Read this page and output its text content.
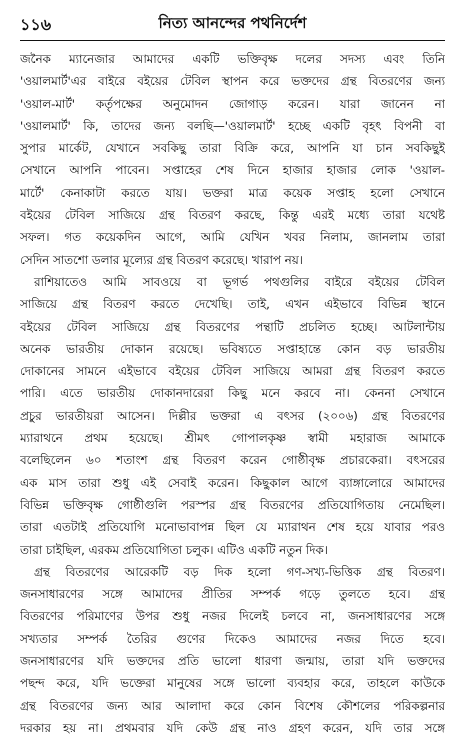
১১৬	নিত্য আনন্দের পথনির্দেশ
জনৈক ম্যানেজার আমাদের একটি ভক্তিবৃক্ষ দলের সদস্য এবং তিনি
'ওয়ালমার্ট'এর বাইরে বইয়ের টেবিল স্থাপন করে ভক্তদের গ্রন্থ বিতরণের জন্য
'ওয়াল-মার্ট' কর্তৃপক্ষের অনুমোদন জোগাড় করেন। যারা জানেন না
'ওয়ালমার্ট' কি, তাদের জন্য বলছি—'ওয়ালমার্ট' হচ্ছে একটি বৃহৎ বিপনী বা
সুপার মার্কেট, যেখানে সবকিছু তারা বিক্রি করে, আপনি যা চান সবকিছুই
সেখানে আপনি পাবেন। সপ্তাহের শেষ দিনে হাজার হাজার লোক 'ওয়াল-
মার্টে' কেনাকাটা করতে যায়। ভক্তরা মাত্র কয়েক সপ্তাহ হলো সেখানে
বইয়ের টেবিল সাজিয়ে গ্রন্থ বিতরণ করছে, কিন্তু এরই মধ্যে তারা যথেষ্ট
সফল। গত কয়েকদিন আগে, আমি যেখিন খবর নিলাম, জানলাম তারা
সেদিন সাতশো ডলার মূল্যের গ্রন্থ বিতরণ করেছে। খারাপ নয়।
রাশিয়াতেও আমি সাবওয়ে বা ভূগর্ভ পথগুলির বাইরে বইয়ের টেবিল
সাজিয়ে গ্রন্থ বিতরণ করতে দেখেছি। তাই, এখন এইভাবে বিভিন্ন স্থানে
বইয়ের টেবিল সাজিয়ে গ্রন্থ বিতরণের পন্থাটি প্রচলিত হচ্ছে। আটলান্টায়
অনেক ভারতীয় দোকান রয়েছে। ভবিষ্যতে সপ্তাহান্তে কোন বড় ভারতীয়
দোকানের সামনে এইভাবে বইয়ের টেবিল সাজিয়ে আমরা গ্রন্থ বিতরণ করতে
পারি। এতে ভারতীয় দোকানদারেরা কিছু মনে করবে না। কেননা সেখানে
প্রচুর ভারতীয়রা আসেন। দিল্লীর ভক্তরা এ বৎসর (২০০৬) গ্রন্থ বিতরণের
ম্যারাথনে প্রথম হয়েছে। শ্রীমৎ গোপালকৃষ্ণ স্বামী মহারাজ আমাকে
বলেছিলেন ৬০ শতাংশ গ্রন্থ বিতরণ করেন গোষ্ঠীবৃক্ষ প্রচারকেরা। বৎসরের
এক মাস তারা শুধু এই সেবাই করেন। কিছুকাল আগে ব্যাঙ্গালোরে আমাদের
বিভিন্ন ভক্তিবৃক্ষ গোষ্ঠীগুলি পরস্পর গ্রন্থ বিতরণের প্রতিযোগিতায় নেমেছিল।
তারা এতটাই প্রতিযোগি মনোভাবাপন্ন ছিল যে ম্যারাথন শেষ হয়ে যাবার পরও
তারা চাইছিল, এরকম প্রতিযোগিতা চলুক। এটিও একটি নতুন দিক।
গ্রন্থ বিতরণের আরেকটি বড় দিক হলো গণ-সখ্য-ভিত্তিক গ্রন্থ বিতরণ।
জনসাধারণের সঙ্গে আমাদের প্রীতির সম্পর্ক গড়ে তুলতে হবে। গ্রন্থ
বিতরণের পরিমাণের উপর শুধু নজর দিলেই চলবে না, জনসাধারণের সঙ্গে
সখ্যতার সম্পর্ক তৈরির গুণের দিকেও আমাদের নজর দিতে হবে।
জনসাধারণের যদি ভক্তদের প্রতি ভালো ধারণা জন্মায়, তারা যদি ভক্তদের
পছন্দ করে, যদি ভক্তেরা মানুষের সঙ্গে ভালো ব্যবহার করে, তাহলে কাউকে
গ্রন্থ বিতরণের জন্য আর আলাদা করে কোন বিশেষ কৌশলের পরিকল্পনার
দরকার হয় না। প্রথমবার যদি কেউ গ্রন্থ নাও গ্রহণ করেন, যদি তার সঙ্গে
